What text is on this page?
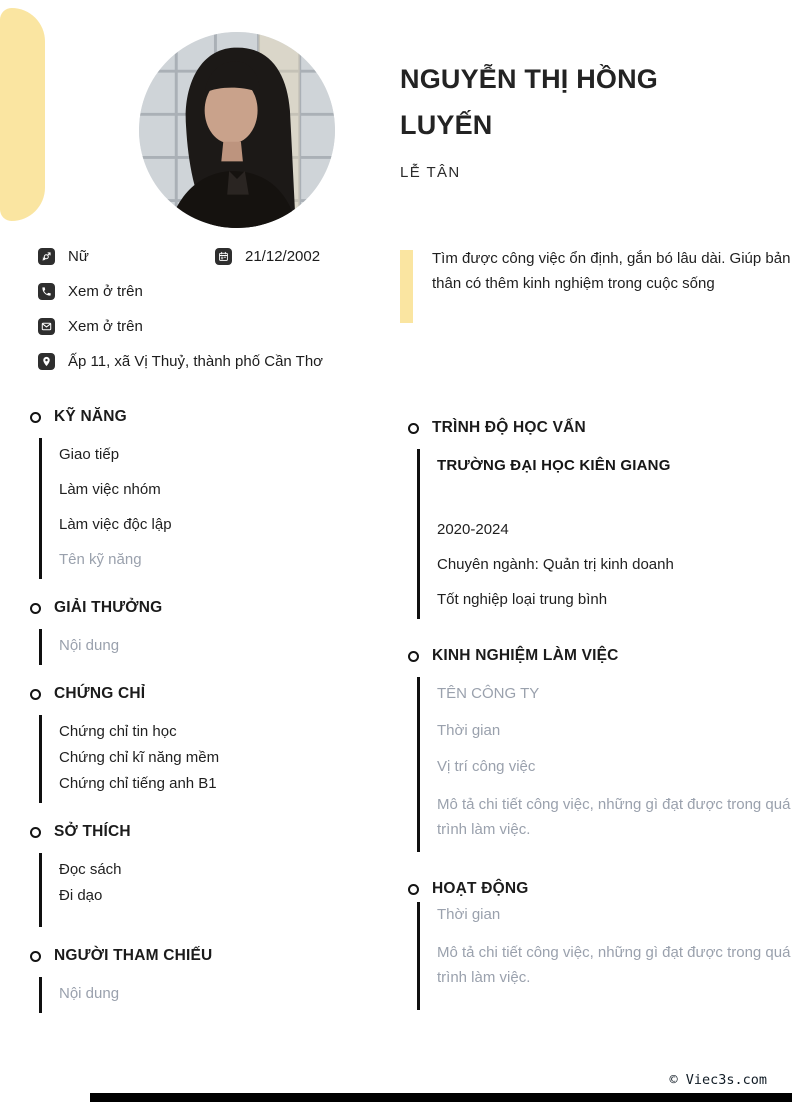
NGUYỄN THỊ HỒNG LUYẾN
LỄ TÂN
Nữ	21/12/2002
Xem ở trên
Xem ở trên
Ấp 11, xã Vị Thuỷ, thành phố Cần Thơ
Tìm được công việc ổn định, gắn bó lâu dài. Giúp bản thân có thêm kinh nghiệm trong cuộc sống
KỸ NĂNG
Giao tiếp
Làm việc nhóm
Làm việc độc lập
Tên kỹ năng
GIẢI THƯỞNG
Nội dung
CHỨNG CHỈ
Chứng chỉ tin học
Chứng chỉ kĩ năng mềm
Chứng chỉ tiếng anh B1
SỞ THÍCH
Đọc sách
Đi dạo
NGƯỜI THAM CHIẾU
Nội dung
TRÌNH ĐỘ HỌC VẤN
TRƯỜNG ĐẠI HỌC KIÊN GIANG
2020-2024
Chuyên ngành: Quản trị kinh doanh
Tốt nghiệp loại trung bình
KINH NGHIỆM LÀM VIỆC
TÊN CÔNG TY
Thời gian
Vị trí công việc
Mô tả chi tiết công việc, những gì đạt được trong quá trình làm việc.
HOẠT ĐỘNG
Thời gian
Mô tả chi tiết công việc, những gì đạt được trong quá trình làm việc.
© Viec3s.com
